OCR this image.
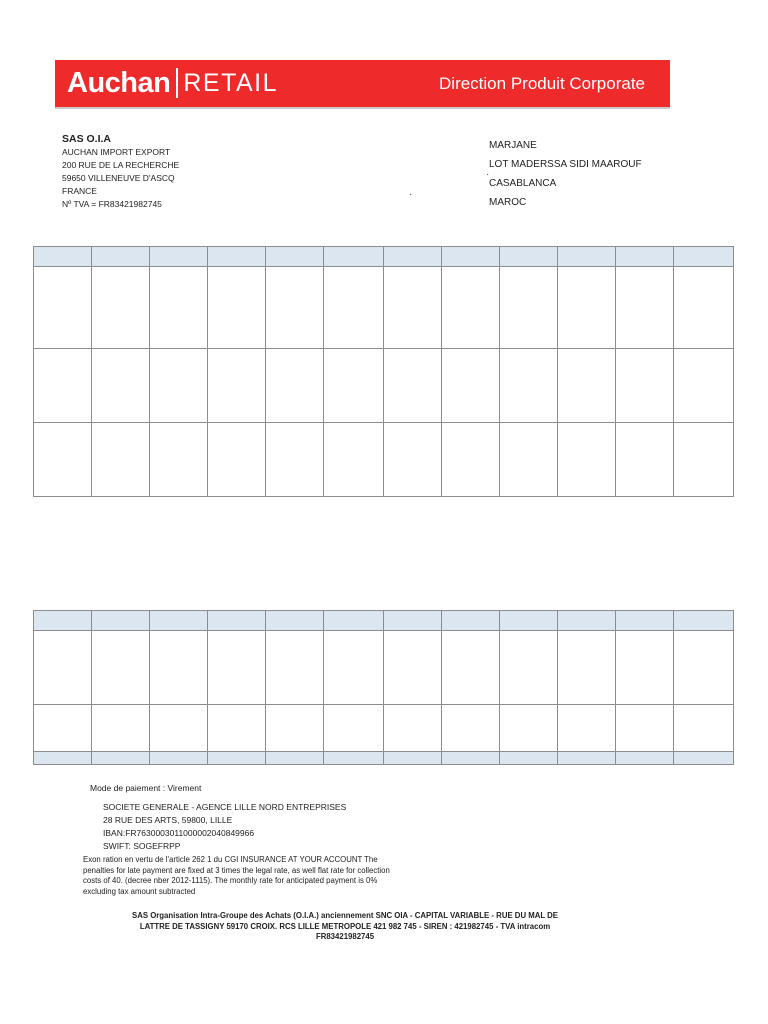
Auchan RETAIL	Direction Produit Corporate
SAS O.I.A
AUCHAN IMPORT EXPORT
200 RUE DE LA RECHERCHE
59650 VILLENEUVE D'ASCQ
FRANCE
Nº TVA = FR83421982745
MARJANE
LOT MADERSSA SIDI MAAROUF
CASABLANCA
MAROC
·
·

Mode de paiement : Virement
SOCIETE GENERALE - AGENCE LILLE NORD ENTREPRISES
28 RUE DES ARTS, 59800, LILLE
IBAN:FR7630003011000002040849966
SWIFT: SOGEFRPP
Exon ration en vertu de l'article 262 1 du CGI INSURANCE AT YOUR ACCOUNT The penalties for late payment are fixed at 3 times the legal rate, as well flat rate for collection costs of 40. (decree nber 2012-1115). The monthly rate for anticipated payment is 0% excluding tax amount subtracted
SAS Organisation Intra-Groupe des Achats (O.I.A.) anciennement SNC OIA - CAPITAL VARIABLE - RUE DU MAL DE LATTRE DE TASSIGNY 59170 CROIX. RCS LILLE METROPOLE 421 982 745 - SIREN : 421982745 - TVA intracom FR83421982745
